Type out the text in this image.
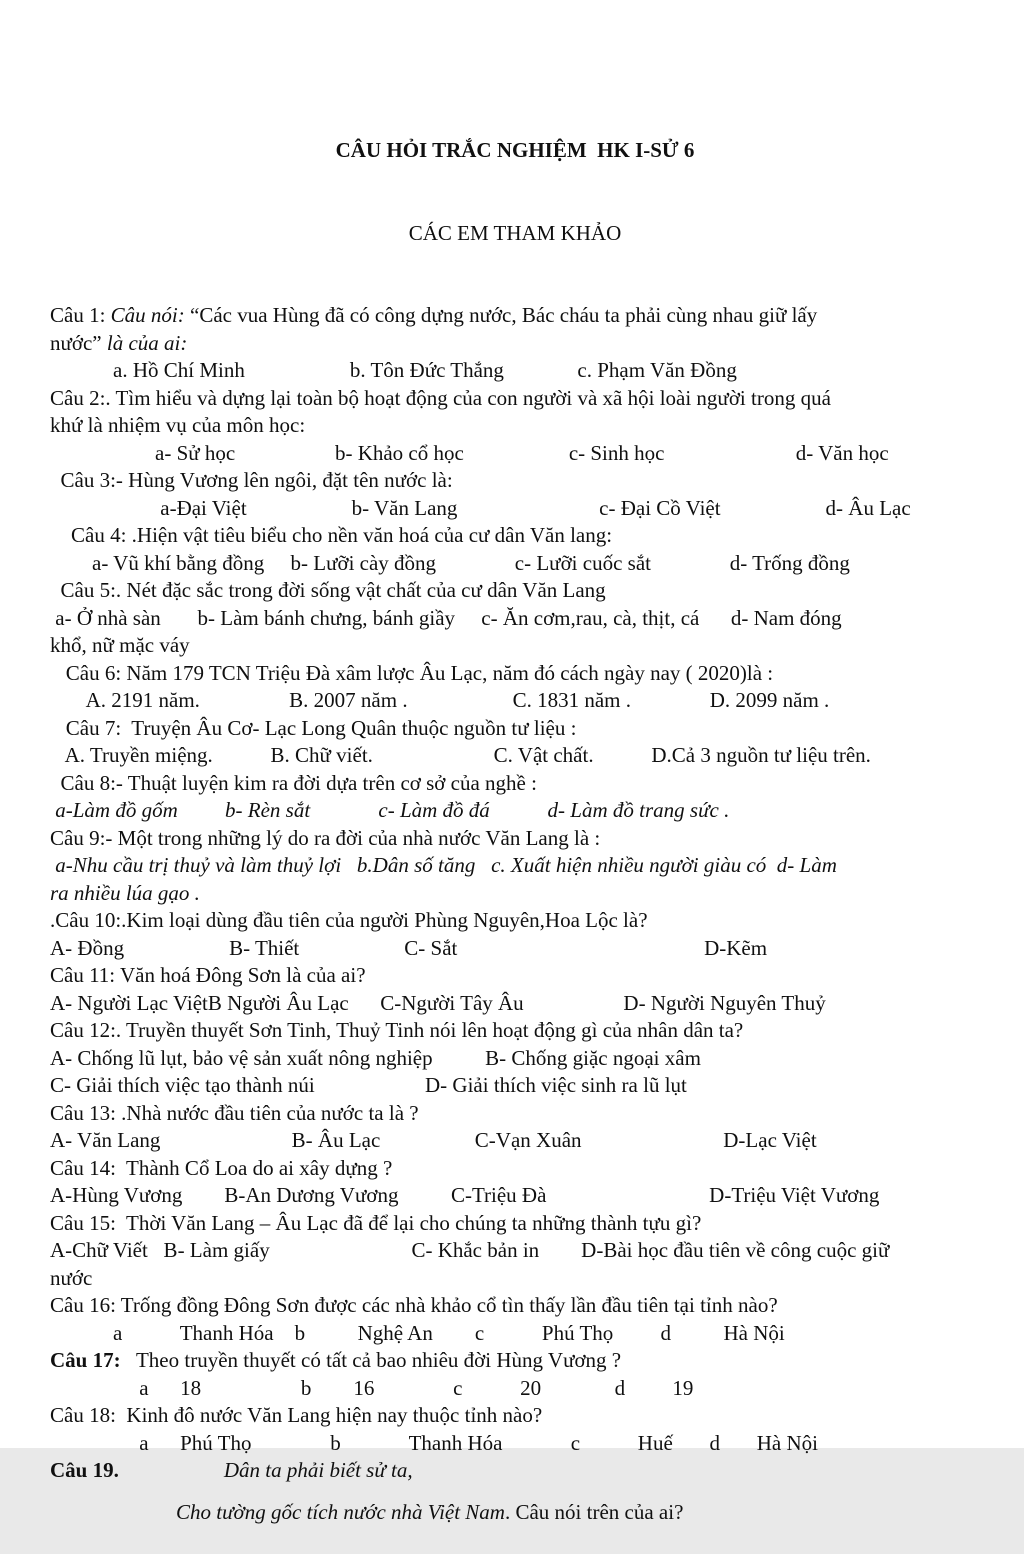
CÂU HỎI TRẮC NGHIỆM  HK I-SỬ 6

CÁC EM THAM KHẢO

Câu 1: Câu nói: “Các vua Hùng đã có công dựng nước, Bác cháu ta phải cùng nhau giữ lấy

nước” là của ai:

a. Hồ Chí Minh                    b. Tôn Đức Thắng              c. Phạm Văn Đồng

Câu 2:. Tìm hiểu và dựng lại toàn bộ hoạt động của con người và xã hội loài người trong quá

khứ là nhiệm vụ của môn học:

a- Sử học                   b- Khảo cổ học                    c- Sinh học                         d- Văn học

Câu 3:- Hùng Vương lên ngôi, đặt tên nước là:

a-Đại Việt                    b- Văn Lang                           c- Đại Cồ Việt                    d- Âu Lạc

Câu 4: .Hiện vật tiêu biểu cho nền văn hoá của cư dân Văn lang:

a- Vũ khí bằng đồng     b- Lưỡi cày đồng               c- Lưỡi cuốc sắt               d- Trống đồng

Câu 5:. Nét đặc sắc trong đời sống vật chất của cư dân Văn Lang

a- Ở nhà sàn       b- Làm bánh chưng, bánh giầy     c- Ăn cơm,rau, cà, thịt, cá      d- Nam đóng

khổ, nữ mặc váy

Câu 6: Năm 179 TCN Triệu Đà xâm lược Âu Lạc, năm đó cách ngày nay ( 2020)là :

A. 2191 năm.                 B. 2007 năm .                    C. 1831 năm .               D. 2099 năm .

Câu 7:  Truyện Âu Cơ- Lạc Long Quân thuộc nguồn tư liệu :

A. Truyền miệng.           B. Chữ viết.                       C. Vật chất.           D.Cả 3 nguồn tư liệu trên.

Câu 8:- Thuật luyện kim ra đời dựa trên cơ sở của nghề :

a-Làm đồ gốm         b- Rèn sắt             c- Làm đồ đá           d- Làm đồ trang sức .

Câu 9:- Một trong những lý do ra đời của nhà nước Văn Lang là :

a-Nhu cầu trị thuỷ và làm thuỷ lợi   b.Dân số tăng   c. Xuất hiện nhiều người giàu có  d- Làm

ra nhiều lúa gạo .

.Câu 10:.Kim loại dùng đầu tiên của người Phùng Nguyên,Hoa Lộc là?

A- Đồng                    B- Thiết                    C- Sắt                                               D-Kẽm

Câu 11: Văn hoá Đông Sơn là của ai?

A- Người Lạc ViệtB Người Âu Lạc      C-Người Tây Âu                   D- Người Nguyên Thuỷ

Câu 12:. Truyền thuyết Sơn Tinh, Thuỷ Tinh nói lên hoạt động gì của nhân dân ta?

A- Chống lũ lụt, bảo vệ sản xuất nông nghiệp          B- Chống giặc ngoại xâm

C- Giải thích việc tạo thành núi                     D- Giải thích việc sinh ra lũ lụt

Câu 13: .Nhà nước đầu tiên của nước ta là ?

A- Văn Lang                         B- Âu Lạc                  C-Vạn Xuân                           D-Lạc Việt

Câu 14:  Thành Cổ Loa do ai xây dựng ?

A-Hùng Vương        B-An Dương Vương          C-Triệu Đà                               D-Triệu Việt Vương

Câu 15:  Thời Văn Lang – Âu Lạc đã để lại cho chúng ta những thành tựu gì?

A-Chữ Viết   B- Làm giấy                           C- Khắc bản in        D-Bài học đầu tiên về công cuộc giữ

nước

Câu 16: Trống đồng Đông Sơn được các nhà khảo cổ tìn thấy lần đầu tiên tại tỉnh nào?

a           Thanh Hóa    b          Nghệ An        c           Phú Thọ         d          Hà Nội

Câu 17:   Theo truyền thuyết có tất cả bao nhiêu đời Hùng Vương ?

a      18                   b        16               c           20              d         19

Câu 18:  Kinh đô nước Văn Lang hiện nay thuộc tỉnh nào?

a      Phú Thọ               b             Thanh Hóa             c           Huế       d       Hà Nội

Câu 19.	Dân ta phải biết sử ta,

Cho tường gốc tích nước nhà Việt Nam. Câu nói trên của ai?
